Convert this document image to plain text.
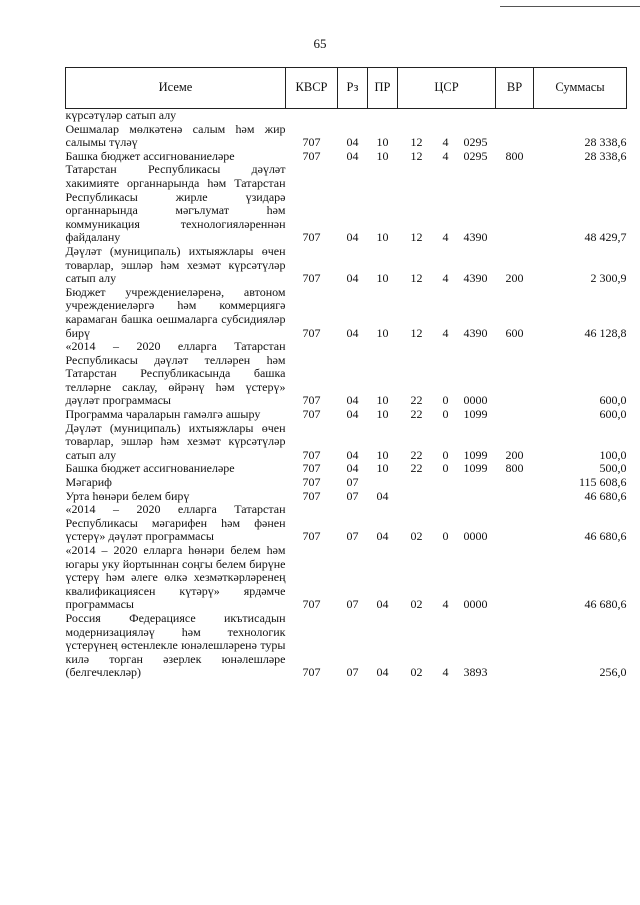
65
Исеме	КВСР	Рз	ПР	ЦСР			ВР	Суммасы
күрсәтүләр сатып алу								
Оешмалар мөлкәтенә салым һәм жир салымы түләү	707	04	10	12	4	0295		28 338,6
Башка бюджет ассигнованиеләре	707	04	10	12	4	0295	800	28 338,6
Татарстан Республикасы дәүләт хакимияте органнарында һәм Татарстан Республикасы жирле үзидарә органнарында мәгълумат һәм коммуникация технологияләреннән файдалану	707	04	10	12	4	4390		48 429,7
Дәүләт (муниципаль) ихтыяжлары өчен товарлар, эшләр һәм хезмәт күрсәтүләр сатып алу	707	04	10	12	4	4390	200	2 300,9
Бюджет учреждениеләренә, автоном учреждениеләргә һәм коммерциягә карамаган башка оешмаларга субсидияләр бирү	707	04	10	12	4	4390	600	46 128,8
«2014 – 2020 елларга Татарстан Республикасы дәүләт телләрен һәм Татарстан Республикасында башка телләрне саклау, өйрәнү һәм үстерү» дәүләт программасы	707	04	10	22	0	0000		600,0
Программа чараларын гамәлгә ашыру	707	04	10	22	0	1099		600,0
Дәүләт (муниципаль) ихтыяжлары өчен товарлар, эшләр һәм хезмәт күрсәтүләр сатып алу	707	04	10	22	0	1099	200	100,0
Башка бюджет ассигнованиеләре	707	04	10	22	0	1099	800	500,0
Мәгариф	707	07						115 608,6
Урта һөнәри белем бирү	707	07	04					46 680,6
«2014 – 2020 елларга Татарстан Республикасы мәгарифен һәм фәнен үстерү» дәүләт программасы	707	07	04	02	0	0000		46 680,6
«2014 – 2020 елларга һөнәри белем һәм югары уку йортыннан соңгы белем бирүне үстерү һәм әлеге өлкә хезмәткәрләренең квалификациясен күтәрү» ярдәмче программасы	707	07	04	02	4	0000		46 680,6
Россия Федерациясе икътисадын модернизацияләү һәм технологик үстерүнең өстенлекле юнәлешләренә туры килә торган әзерлек юнәлешләре (белгечлекләр)	707	07	04	02	4	3893		256,0
